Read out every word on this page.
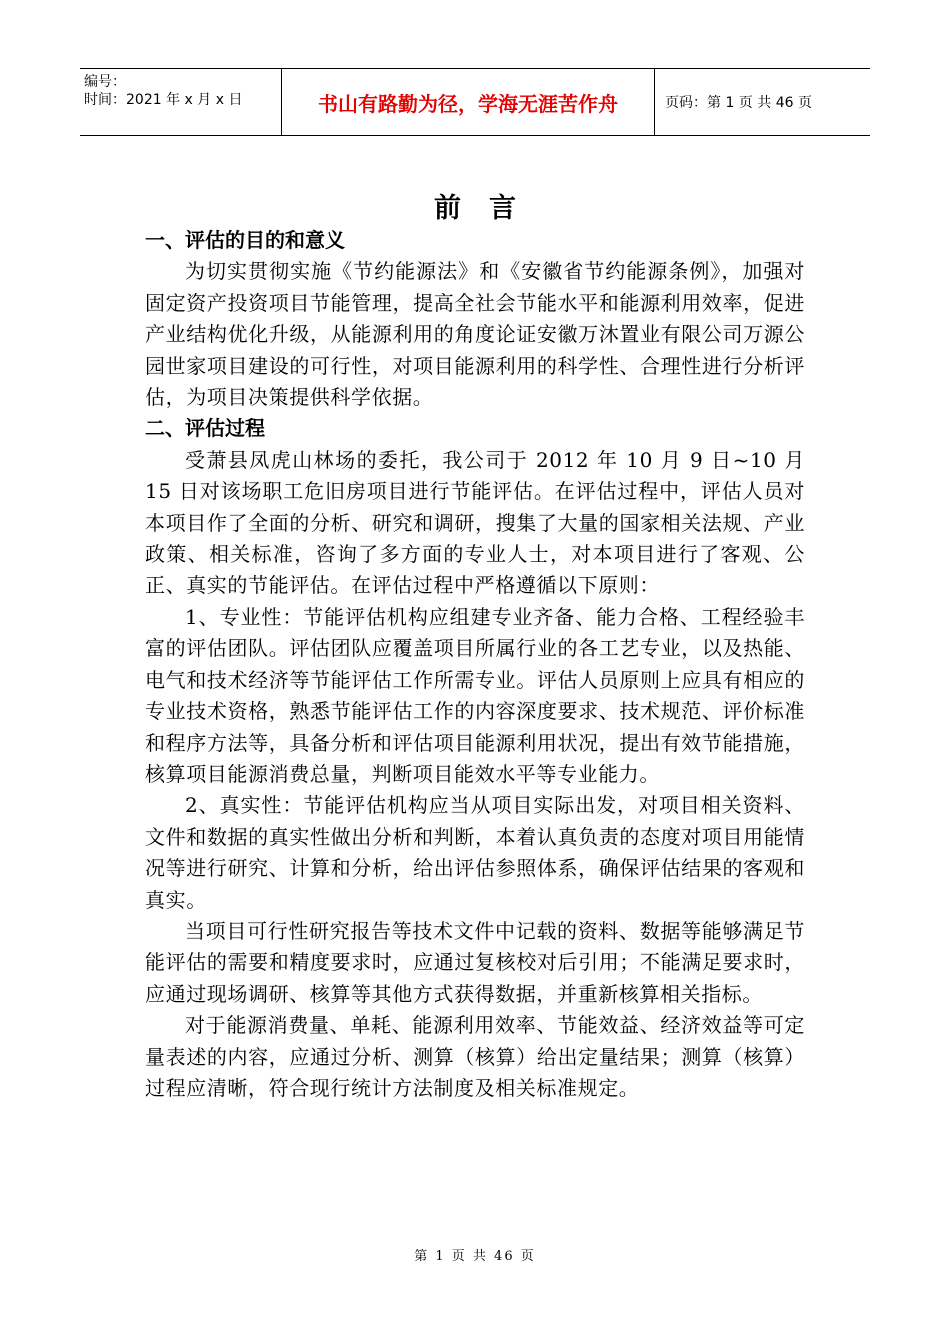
编号：
时间：2021 年 x 月 x 日	书山有路勤为径，学海无涯苦作舟	页码：第 1 页 共 46 页
前言
一、评估的目的和意义

为切实贯彻实施《节约能源法》和《安徽省节约能源条例》，加强对固定资产投资项目节能管理，提高全社会节能水平和能源利用效率，促进产业结构优化升级，从能源利用的角度论证安徽万沐置业有限公司万源公园世家项目建设的可行性，对项目能源利用的科学性、合理性进行分析评估，为项目决策提供科学依据。

二、评估过程

受萧县凤虎山林场的委托，我公司于 2012 年 10 月 9 日~10 月 15 日对该场职工危旧房项目进行节能评估。在评估过程中，评估人员对本项目作了全面的分析、研究和调研，搜集了大量的国家相关法规、产业政策、相关标准，咨询了多方面的专业人士，对本项目进行了客观、公正、真实的节能评估。在评估过程中严格遵循以下原则：

1、专业性：节能评估机构应组建专业齐备、能力合格、工程经验丰富的评估团队。评估团队应覆盖项目所属行业的各工艺专业，以及热能、电气和技术经济等节能评估工作所需专业。评估人员原则上应具有相应的专业技术资格，熟悉节能评估工作的内容深度要求、技术规范、评价标准和程序方法等，具备分析和评估项目能源利用状况，提出有效节能措施，核算项目能源消费总量，判断项目能效水平等专业能力。

2、真实性：节能评估机构应当从项目实际出发，对项目相关资料、文件和数据的真实性做出分析和判断，本着认真负责的态度对项目用能情况等进行研究、计算和分析，给出评估参照体系，确保评估结果的客观和真实。

当项目可行性研究报告等技术文件中记载的资料、数据等能够满足节能评估的需要和精度要求时，应通过复核校对后引用；不能满足要求时，应通过现场调研、核算等其他方式获得数据，并重新核算相关指标。

对于能源消费量、单耗、能源利用效率、节能效益、经济效益等可定量表述的内容，应通过分析、测算（核算）给出定量结果；测算（核算）过程应清晰，符合现行统计方法制度及相关标准规定。

第 1 页 共 46 页
